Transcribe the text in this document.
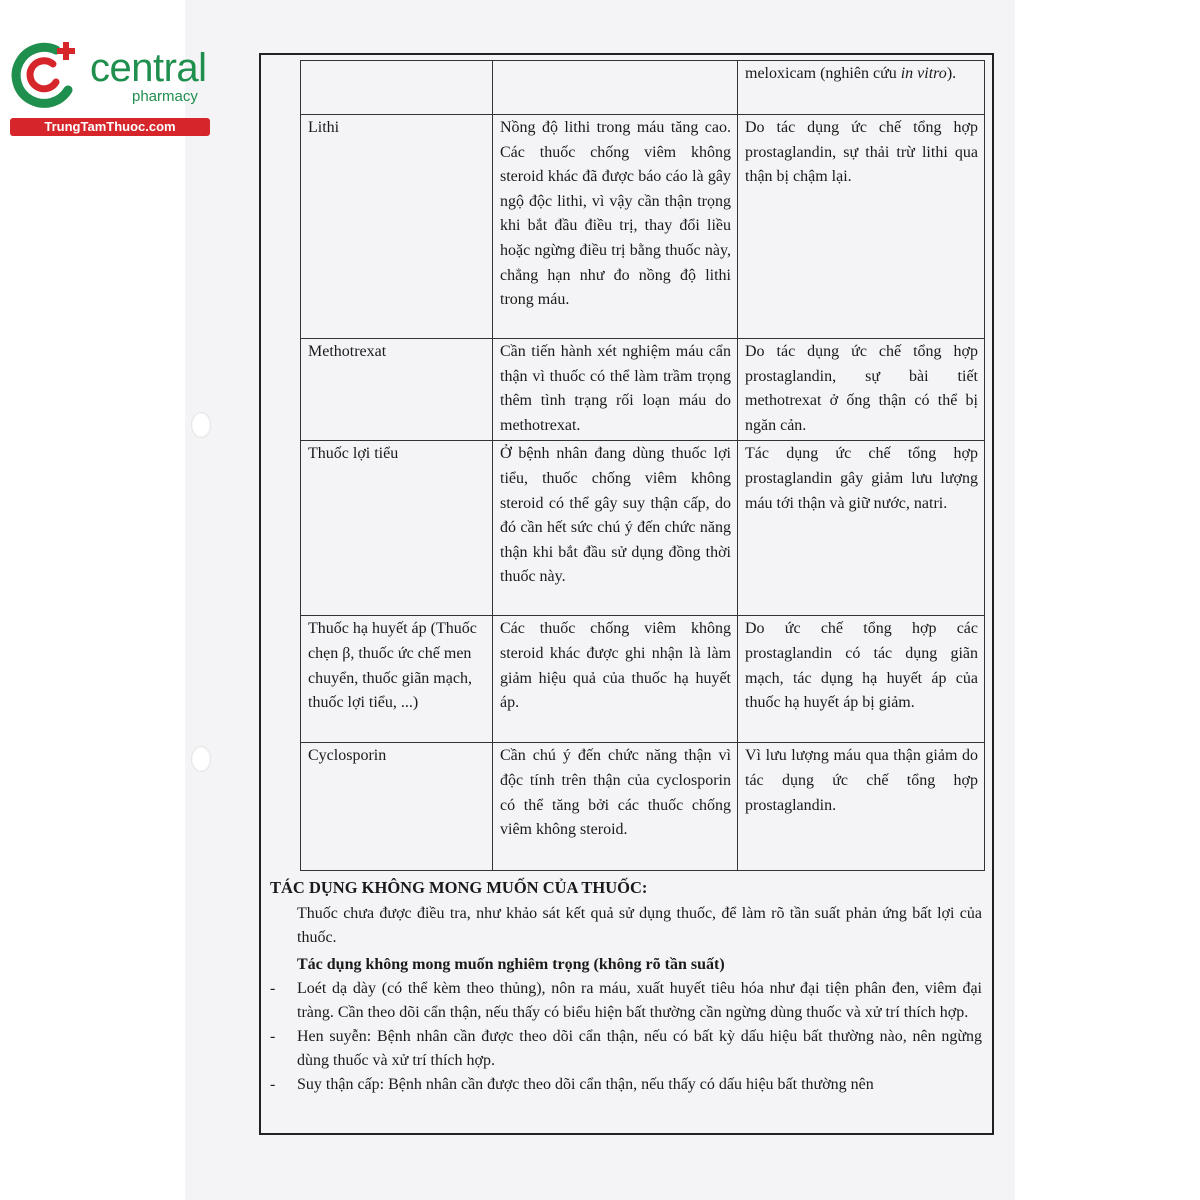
central
pharmacy
TrungTamThuoc.com
		meloxicam (nghiên cứu in vitro).
Lithi	Nồng độ lithi trong máu tăng cao. Các thuốc chống viêm không steroid khác đã được báo cáo là gây ngộ độc lithi, vì vậy cần thận trọng khi bắt đầu điều trị, thay đổi liều hoặc ngừng điều trị bằng thuốc này, chẳng hạn như đo nồng độ lithi trong máu.	Do tác dụng ức chế tổng hợp prostaglandin, sự thải trừ lithi qua thận bị chậm lại.
Methotrexat	Cần tiến hành xét nghiệm máu cẩn thận vì thuốc có thể làm trầm trọng thêm tình trạng rối loạn máu do methotrexat.	Do tác dụng ức chế tổng hợp prostaglandin, sự bài tiết methotrexat ở ống thận có thể bị ngăn cản.
Thuốc lợi tiểu	Ở bệnh nhân đang dùng thuốc lợi tiểu, thuốc chống viêm không steroid có thể gây suy thận cấp, do đó cần hết sức chú ý đến chức năng thận khi bắt đầu sử dụng đồng thời thuốc này.	Tác dụng ức chế tổng hợp prostaglandin gây giảm lưu lượng máu tới thận và giữ nước, natri.
Thuốc hạ huyết áp (Thuốc chẹn β, thuốc ức chế men chuyển, thuốc giãn mạch, thuốc lợi tiểu, ...)	Các thuốc chống viêm không steroid khác được ghi nhận là làm giảm hiệu quả của thuốc hạ huyết áp.	Do ức chế tổng hợp các prostaglandin có tác dụng giãn mạch, tác dụng hạ huyết áp của thuốc hạ huyết áp bị giảm.
Cyclosporin	Cần chú ý đến chức năng thận vì độc tính trên thận của cyclosporin có thể tăng bởi các thuốc chống viêm không steroid.	Vì lưu lượng máu qua thận giảm do tác dụng ức chế tổng hợp prostaglandin.
TÁC DỤNG KHÔNG MONG MUỐN CỦA THUỐC:
Thuốc chưa được điều tra, như khảo sát kết quả sử dụng thuốc, để làm rõ tần suất phản ứng bất lợi của thuốc.
Tác dụng không mong muốn nghiêm trọng (không rõ tần suất)
- Loét dạ dày (có thể kèm theo thủng), nôn ra máu, xuất huyết tiêu hóa như đại tiện phân đen, viêm đại tràng. Cần theo dõi cẩn thận, nếu thấy có biểu hiện bất thường cần ngừng dùng thuốc và xử trí thích hợp.
- Hen suyễn: Bệnh nhân cần được theo dõi cẩn thận, nếu có bất kỳ dấu hiệu bất thường nào, nên ngừng dùng thuốc và xử trí thích hợp.
- Suy thận cấp: Bệnh nhân cần được theo dõi cẩn thận, nếu thấy có dấu hiệu bất thường nên
